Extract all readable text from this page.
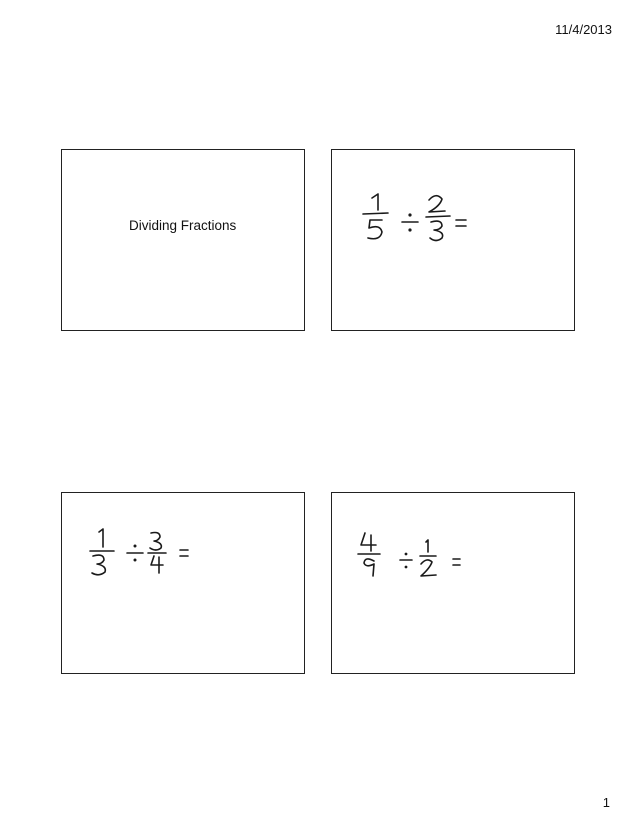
11/4/2013
Dividing Fractions
1
